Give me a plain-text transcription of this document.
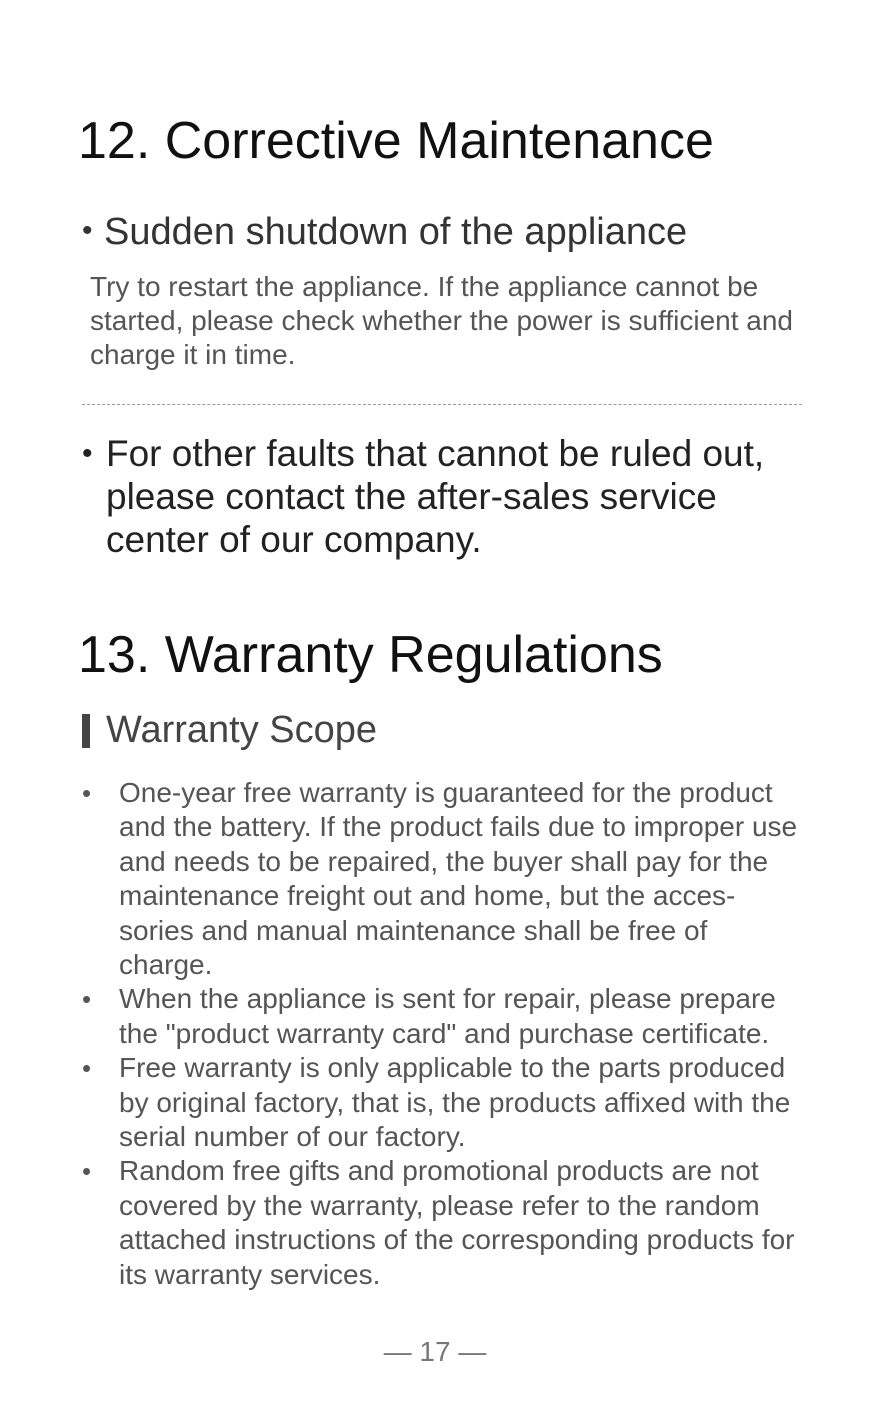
12. Corrective Maintenance
• Sudden shutdown of the appliance

Try to restart the appliance. If the appliance cannot be started, please check whether the power is sufficient and charge it in time.

• For other faults that cannot be ruled out, please contact the after-sales service center of our company.
13. Warranty Regulations
Warranty Scope
• One-year free warranty is guaranteed for the product and the battery. If the product fails due to improper use and needs to be repaired, the buyer shall pay for the maintenance freight out and home, but the acces-sories and manual maintenance shall be free of charge.
• When the appliance is sent for repair, please prepare the "product warranty card" and purchase certificate.
• Free warranty is only applicable to the parts produced by original factory, that is, the products affixed with the serial number of our factory.
• Random free gifts and promotional products are not covered by the warranty, please refer to the random attached instructions of the corresponding products for its warranty services.
— 17 —
